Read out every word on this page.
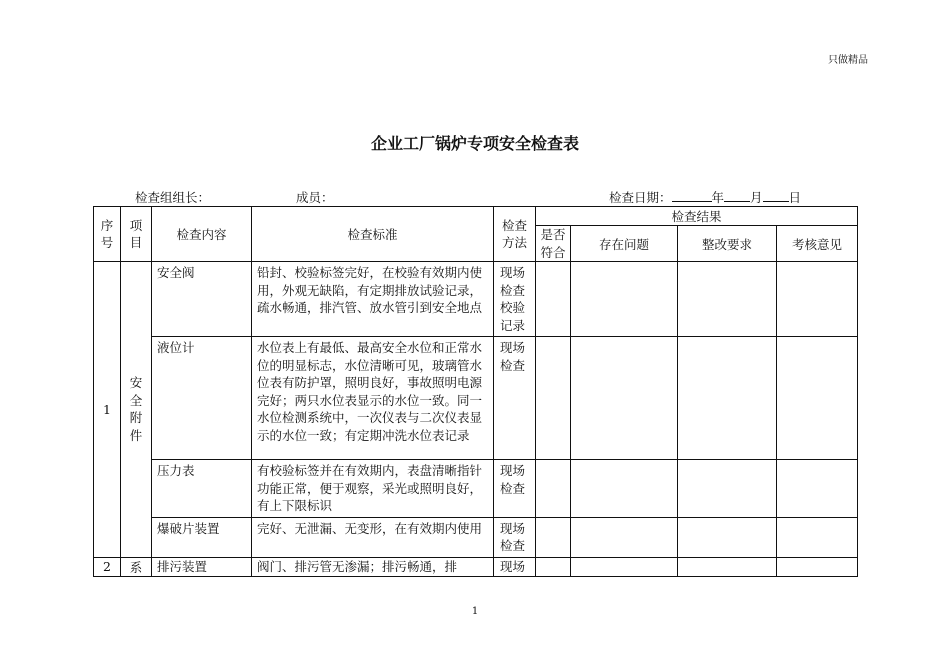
只做精品
企业工厂锅炉专项安全检查表
检查组组长：	成员：	检查日期：	年 月 日
序号	项目	检查内容	检查标准	检查方法	检查结果			

					是否符合	存在问题	整改要求	考核意见
1	安全附件	安全阀	铅封、校验标签完好，在校验有效期内使用，外观无缺陷，有定期排放试验记录，疏水畅通，排汽管、放水管引到安全地点	现场检查校验记录				

		液位计	水位表上有最低、最高安全水位和正常水位的明显标志，水位清晰可见，玻璃管水位表有防护罩，照明良好，事故照明电源完好；两只水位表显示的水位一致。同一水位检测系统中，一次仪表与二次仪表显示的水位一致；有定期冲洗水位表记录	现场检查				

		压力表	有校验标签并在有效期内，表盘清晰指针功能正常，便于观察，采光或照明良好，有上下限标识	现场检查				

		爆破片装置	完好、无泄漏、无变形，在有效期内使用	现场检查				

2	系	排污装置	阀门、排污管无渗漏；排污畅通，排	现场				

1
